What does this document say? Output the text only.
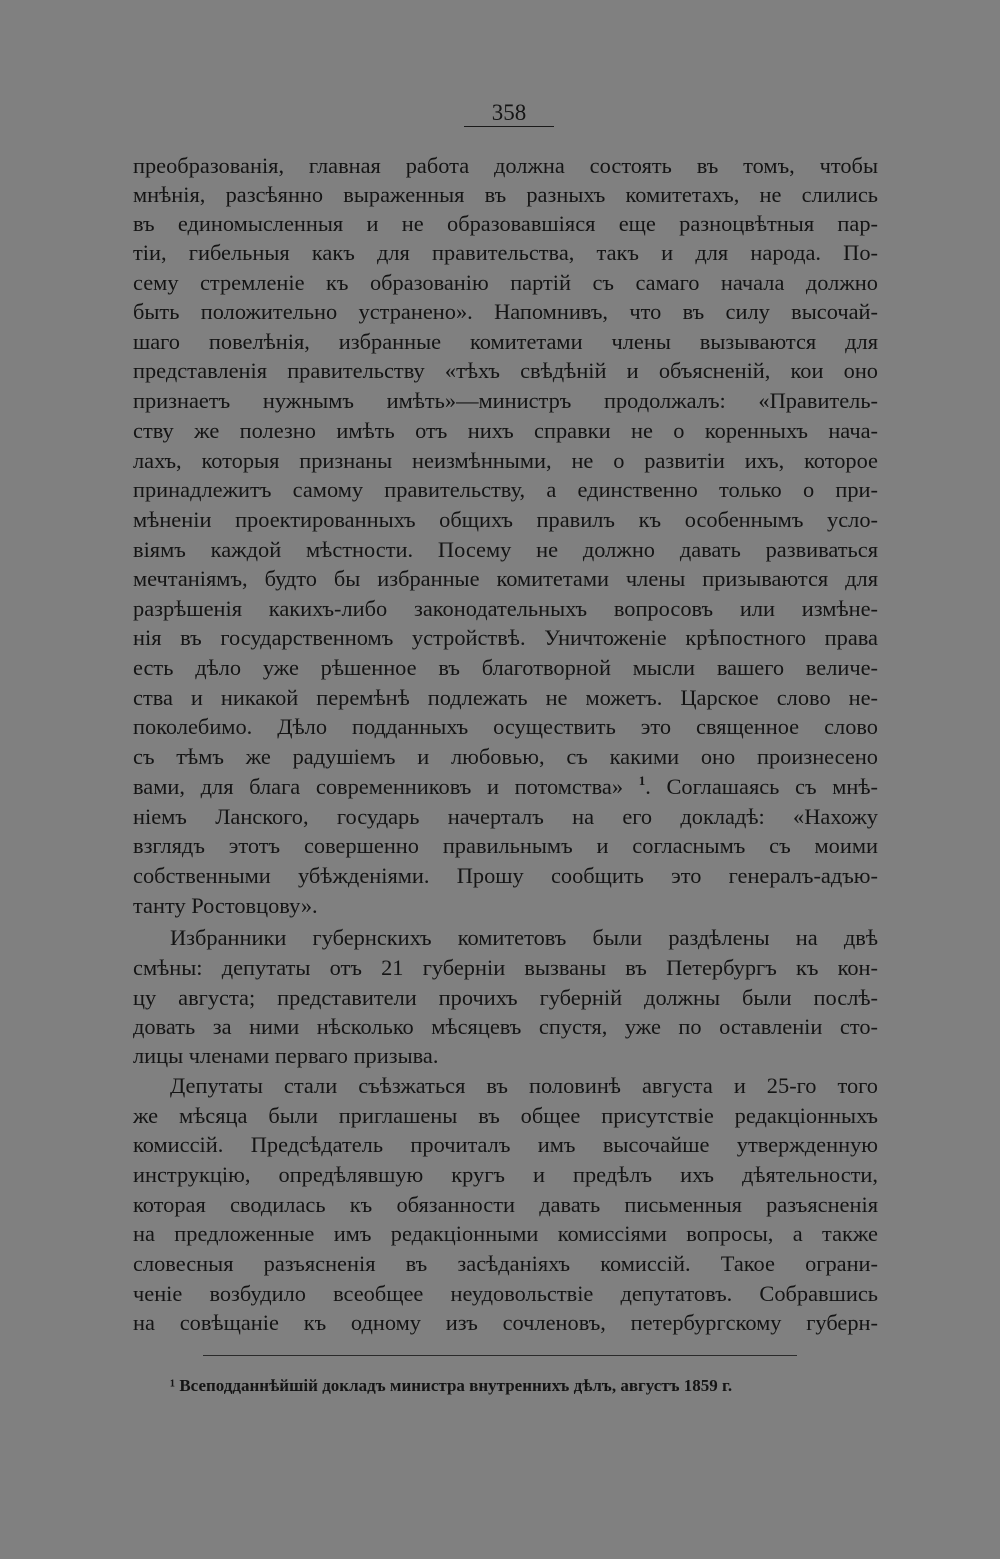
358
преобразованія, главная работа должна состоять въ томъ, чтобы
мнѣнія, разсѣянно выраженныя въ разныхъ комитетахъ, не слились
въ единомысленныя и не образовавшіяся еще разноцвѣтныя пар-
тіи, гибельныя какъ для правительства, такъ и для народа. По-
сему стремленіе къ образованію партій съ самаго начала должно
быть положительно устранено». Напомнивъ, что въ силу высочай-
шаго повелѣнія, избранные комитетами члены вызываются для
представленія правительству «тѣхъ свѣдѣній и объясненій, кои оно
признаетъ нужнымъ имѣть»—министръ продолжалъ: «Правитель-
ству же полезно имѣть отъ нихъ справки не о коренныхъ нача-
лахъ, которыя признаны неизмѣнными, не о развитіи ихъ, которое
принадлежитъ самому правительству, а единственно только о при-
мѣненіи проектированныхъ общихъ правилъ къ особеннымъ усло-
віямъ каждой мѣстности. Посему не должно давать развиваться
мечтаніямъ, будто бы избранные комитетами члены призываются для
разрѣшенія какихъ-либо законодательныхъ вопросовъ или измѣне-
нія въ государственномъ устройствѣ. Уничтоженіе крѣпостного права
есть дѣло уже рѣшенное въ благотворной мысли вашего величе-
ства и никакой перемѣнѣ подлежать не можетъ. Царское слово не-
поколебимо. Дѣло подданныхъ осуществить это священное слово
съ тѣмъ же радушіемъ и любовью, съ какими оно произнесено
вами, для блага современниковъ и потомства» $^1$. Соглашаясь съ мнѣ-
ніемъ Ланского, государь начерталъ на его докладѣ: «Нахожу
взглядъ этотъ совершенно правильнымъ и согласнымъ съ моими
собственными убѣжденіями. Прошу сообщить это генералъ-адъю-
танту Ростовцову».
Избранники губернскихъ комитетовъ были раздѣлены на двѣ
смѣны: депутаты отъ 21 губерніи вызваны въ Петербургъ къ кон-
цу августа; представители прочихъ губерній должны были послѣ-
довать за ними нѣсколько мѣсяцевъ спустя, уже по оставленіи сто-
лицы членами перваго призыва.
Депутаты стали съѣзжаться въ половинѣ августа и 25-го того
же мѣсяца были приглашены въ общее присутствіе редакціонныхъ
комиссій. Предсѣдатель прочиталъ имъ высочайше утвержденную
инструкцію, опредѣлявшую кругъ и предѣлъ ихъ дѣятельности,
которая сводилась къ обязанности давать письменныя разъясненія
на предложенные имъ редакціонными комиссіями вопросы, а также
словесныя разъясненія въ засѣданіяхъ комиссій. Такое ограни-
ченіе возбудило всеобщее неудовольствіе депутатовъ. Собравшись
на совѣщаніе къ одному изъ сочленовъ, петербургскому губерн-
¹ Всеподданнѣйшій докладъ министра внутреннихъ дѣлъ, августъ 1859 г.
